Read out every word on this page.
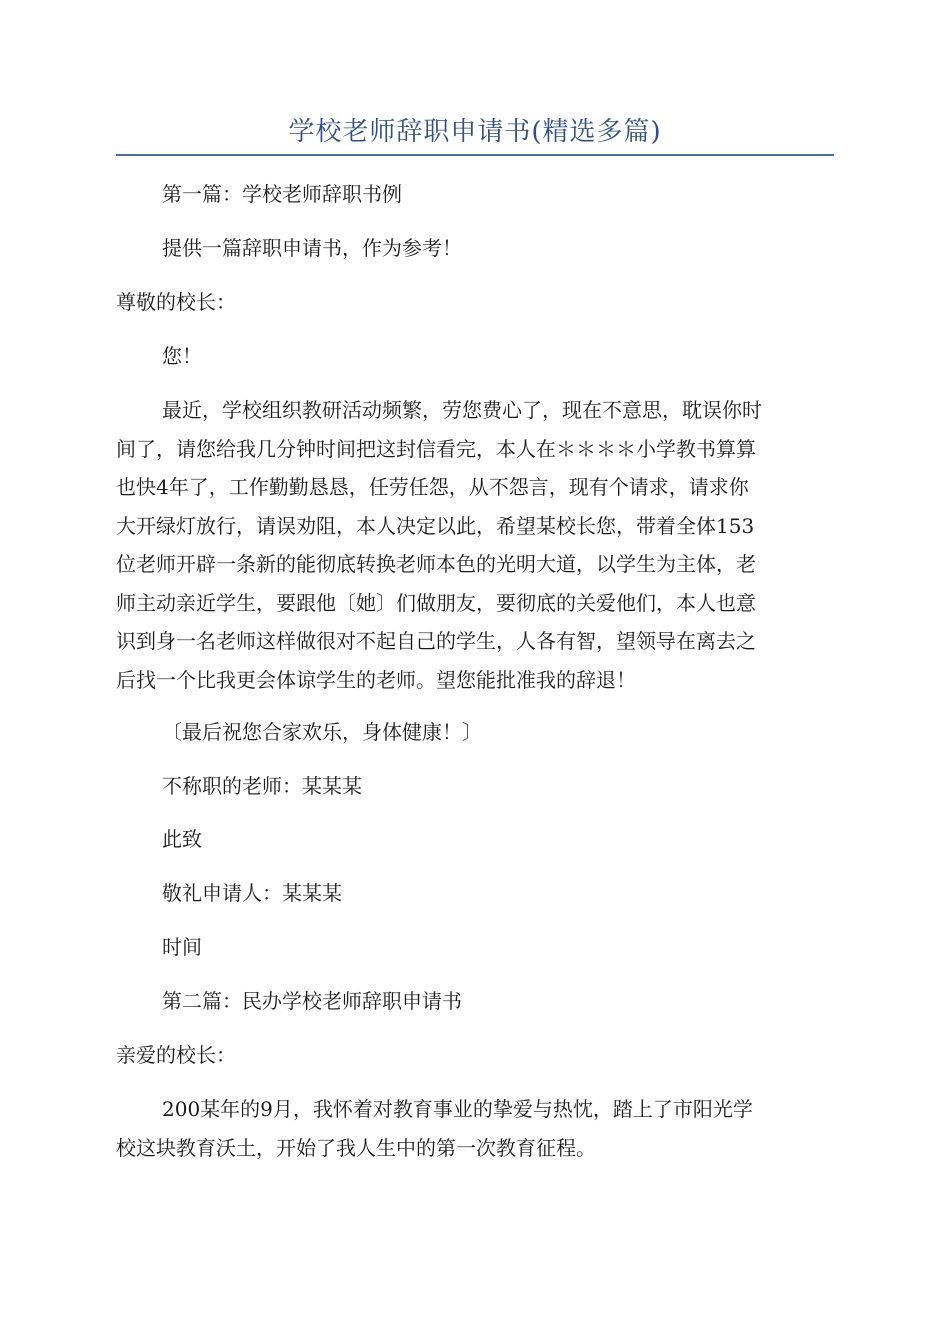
学校老师辞职申请书(精选多篇)

第一篇：学校老师辞职书例

提供一篇辞职申请书，作为参考！

尊敬的校长：

您！

最近，学校组织教研活动频繁，劳您费心了，现在不意思，耽误你时
间了，请您给我几分钟时间把这封信看完，本人在＊＊＊＊小学教书算算
也快4年了，工作勤勤恳恳，任劳任怨，从不怨言，现有个请求，请求你
大开绿灯放行，请误劝阻，本人决定以此，希望某校长您，带着全体153
位老师开辟一条新的能彻底转换老师本色的光明大道，以学生为主体，老
师主动亲近学生，要跟他〔她〕们做朋友，要彻底的关爱他们，本人也意
识到身一名老师这样做很对不起自己的学生，人各有智，望领导在离去之
后找一个比我更会体谅学生的老师。望您能批准我的辞退！

〔最后祝您合家欢乐，身体健康！〕

不称职的老师：某某某

此致

敬礼申请人：某某某

时间

第二篇：民办学校老师辞职申请书

亲爱的校长：

200某年的9月，我怀着对教育事业的挚爱与热忱，踏上了市阳光学
校这块教育沃土，开始了我人生中的第一次教育征程。
